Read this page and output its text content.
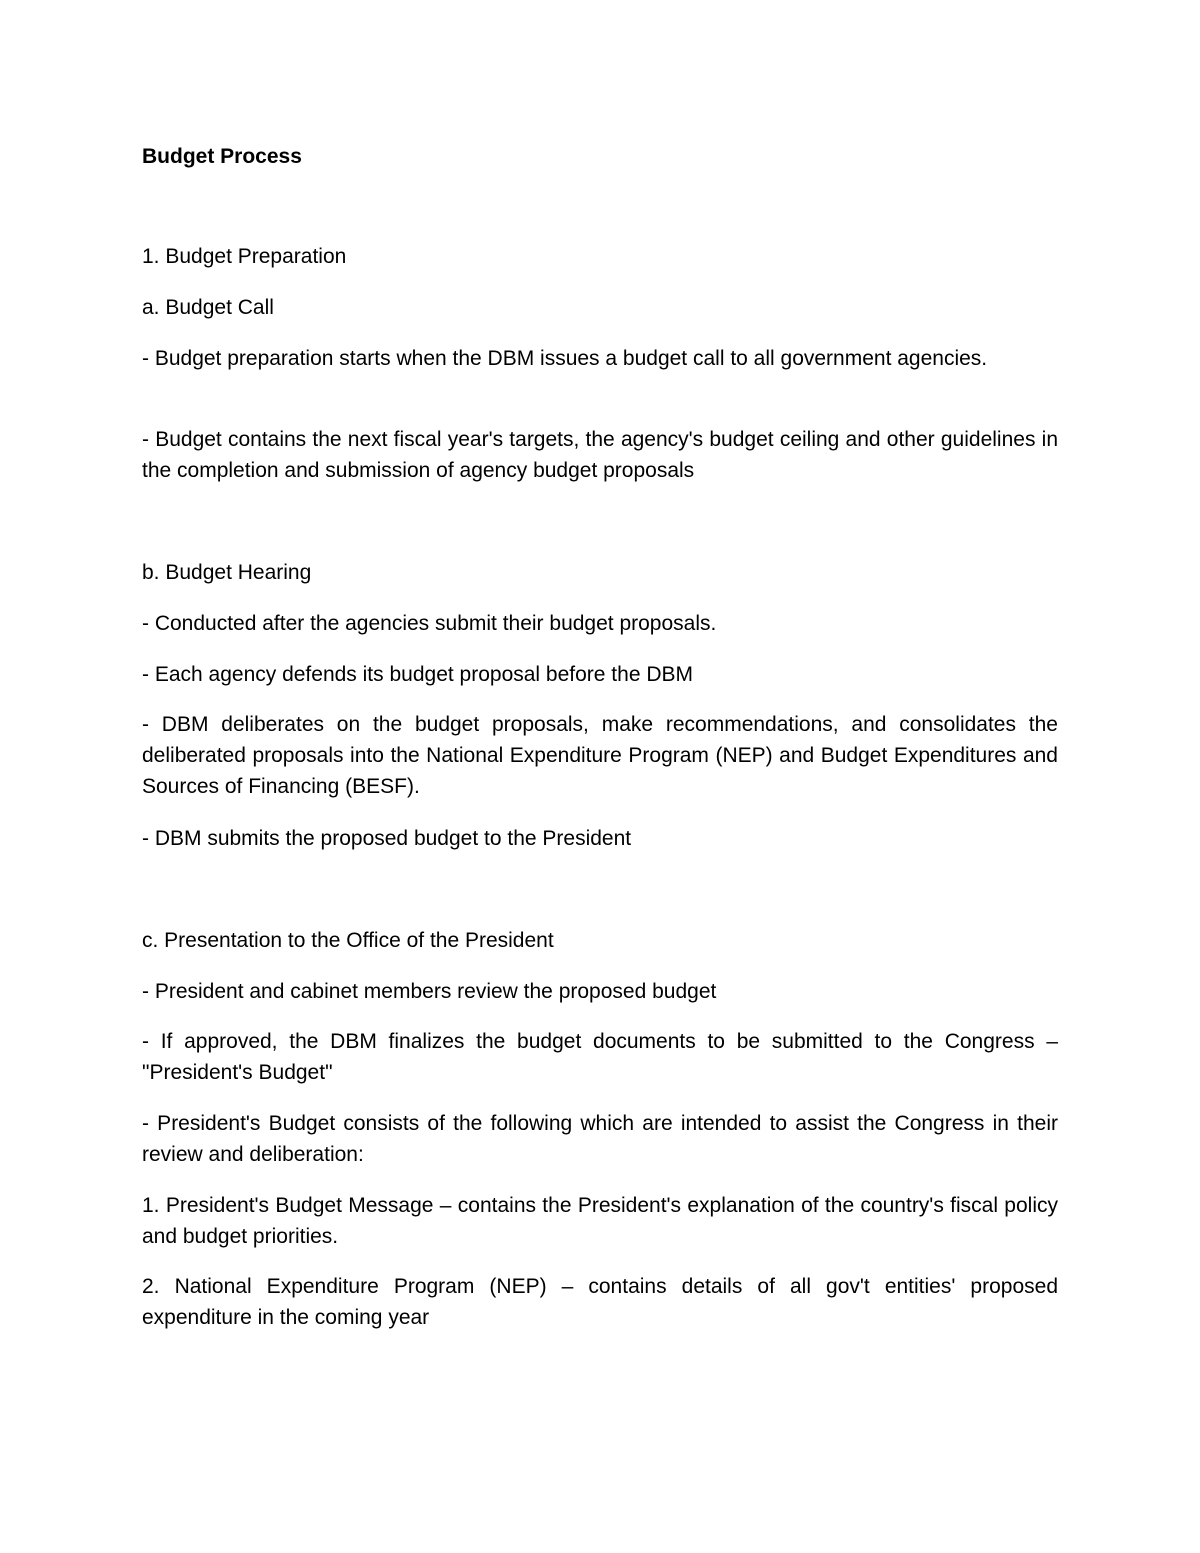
Budget Process
1. Budget Preparation
a. Budget Call
- Budget preparation starts when the DBM issues a budget call to all government agencies.
- Budget contains the next fiscal year's targets, the agency's budget ceiling and other guidelines in the completion and submission of agency budget proposals
b. Budget Hearing
- Conducted after the agencies submit their budget proposals.
- Each agency defends its budget proposal before the DBM
- DBM deliberates on the budget proposals, make recommendations, and consolidates the deliberated proposals into the National Expenditure Program (NEP) and Budget Expenditures and Sources of Financing (BESF).
- DBM submits the proposed budget to the President
c. Presentation to the Office of the President
- President and cabinet members review the proposed budget
- If approved, the DBM finalizes the budget documents to be submitted to the Congress – "President's Budget"
- President's Budget consists of the following which are intended to assist the Congress in their review and deliberation:
1. President's Budget Message – contains the President's explanation of the country's fiscal policy and budget priorities.
2. National Expenditure Program (NEP) – contains details of all gov't entities' proposed expenditure in the coming year
